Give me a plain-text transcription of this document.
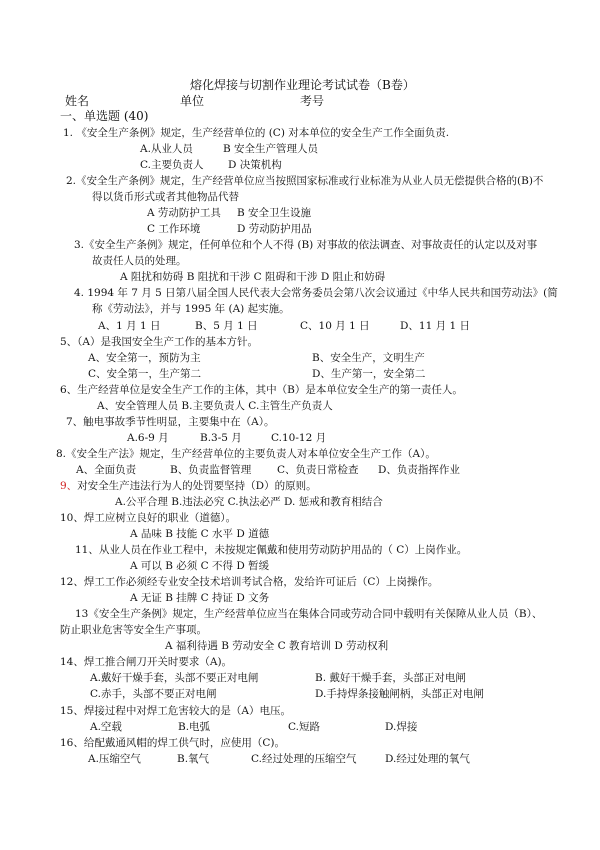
熔化焊接与切割作业理论考试试卷（B卷）
姓名	单位	考号
一、单选题 (40)
1. 《安全生产条例》规定，生产经营单位的 (C) 对本单位的安全生产工作全面负责.
A.从业人员	B 安全生产管理人员
C.主要负责人 D 决策机构
2.《安全生产条例》规定，生产经营单位应当按照国家标准或行业标准为从业人员无偿提供合格的(B)不
得以货币形式或者其他物品代替
A 劳动防护工具 B 安全卫生设施
C 工作环境	D 劳动防护用品
3.《安全生产条例》规定，任何单位和个人不得 (B) 对事故的依法调查、对事故责任的认定以及对事
故责任人员的处理。
A 阻扰和妨碍 B 阻扰和干涉 C 阻碍和干涉 D 阻止和妨碍
4. 1994 年 7 月 5 日第八届全国人民代表大会常务委员会第八次会议通过《中华人民共和国劳动法》(简
称《劳动法》，并与 1995 年 (A) 起实施。
A、1 月 1 日	B、5 月 1 日	C、10 月 1 日	D、11 月 1 日
5、（A）是我国安全生产工作的基本方针。
A、安全第一，预防为主	B、安全生产，文明生产
C、安全第一，生产第二	D、生产第一，安全第二
6、生产经营单位是安全生产工作的主体，其中（B）是本单位安全生产的第一责任人。
A、安全管理人员 B.主要负责人 C.主管生产负责人
7、触电事故季节性明显，主要集中在（A）。
A.6-9 月	B.3-5 月	C.10-12 月
8.《安全生产法》规定，生产经营单位的主要负责人对本单位安全生产工作（A）。
A、全面负责	B、负责监督管理 C、负责日常检查 D、负责指挥作业
9、对安全生产违法行为人的处罚要坚持（D）的原则。
A.公平合理 B.违法必究 C.执法必严 D. 惩戒和教育相结合
10、焊工应树立良好的职业（道德）。
A 品味 B 技能 C 水平 D 道德
11、从业人员在作业工程中，未按规定佩戴和使用劳动防护用品的（ C）上岗作业。
A 可以 B 必须 C 不得 D 暂缓
12、焊工工作必须经专业安全技术培训考试合格，发给许可证后（C）上岗操作。
A 无证 B 挂牌 C 持证 D 文务
13《安全生产条例》规定，生产经营单位应当在集体合同或劳动合同中载明有关保障从业人员（B）、
防止职业危害等安全生产事项。
A 福利待遇 B 劳动安全 C 教育培训 D 劳动权利
14、焊工推合闸刀开关时要求（A)。
A.戴好干燥手套，头部不要正对电闸	B. 戴好干燥手套，头部正对电闸
C.赤手，头部不要正对电闸	D.手持焊条接触闸柄，头部正对电闸
15、焊接过程中对焊工危害较大的是（A）电压。
A.空载	B.电弧	C.短路	D.焊接
16、给配戴通风帽的焊工供气时，应使用（C)。
A.压缩空气	B.氧气	C.经过处理的压缩空气	D.经过处理的氧气
